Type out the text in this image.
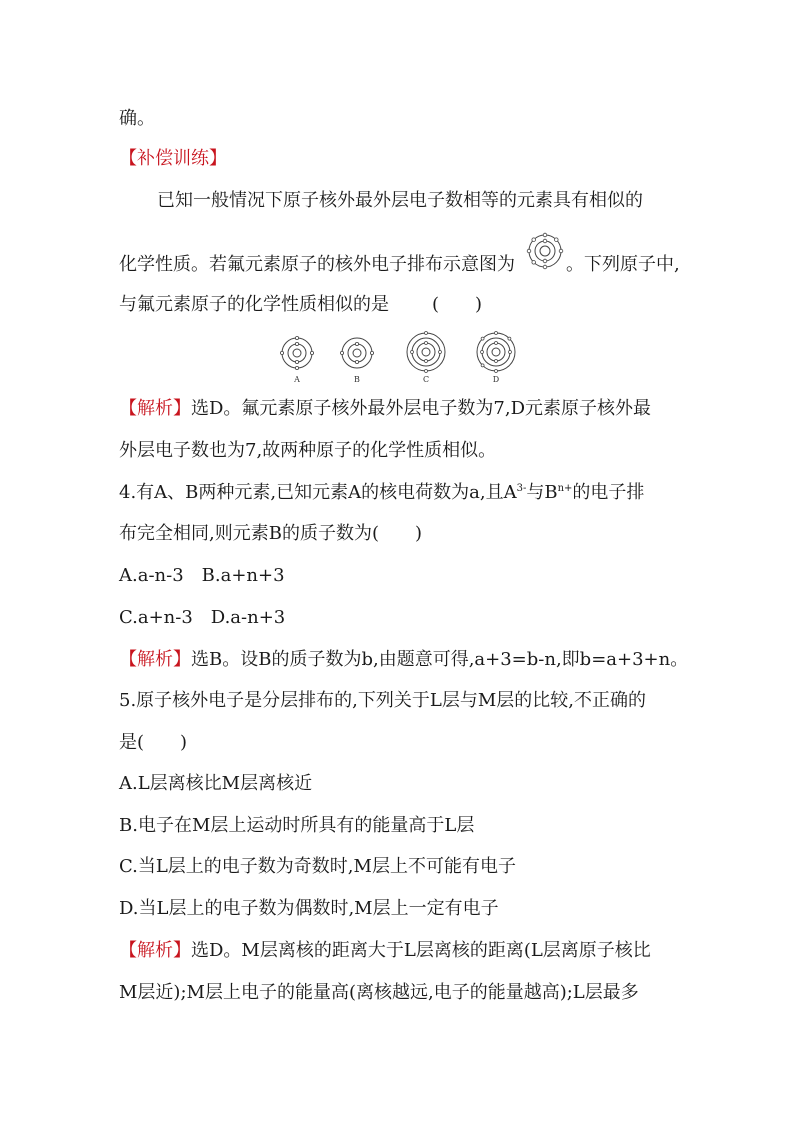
确。
【补偿训练】
已知一般情况下原子核外最外层电子数相等的元素具有相似的
化学性质。若氟元素原子的核外电子排布示意图为	。下列原子中,
与氟元素原子的化学性质相似的是 (　　)
A	B	C	D
【解析】选D。氟元素原子核外最外层电子数为7,D元素原子核外最
外层电子数也为7,故两种原子的化学性质相似。
4.有A、B两种元素,已知元素A的核电荷数为a,且$A^{3-}$与$B^{n+}$的电子排
布完全相同,则元素B的质子数为(　　)
A.a-n-3　B.a+n+3
C.a+n-3　D.a-n+3
【解析】选B。设B的质子数为b,由题意可得,a+3=b-n,即b=a+3+n。
5.原子核外电子是分层排布的,下列关于L层与M层的比较,不正确的
是(　　)
A.L层离核比M层离核近
B.电子在M层上运动时所具有的能量高于L层
C.当L层上的电子数为奇数时,M层上不可能有电子
D.当L层上的电子数为偶数时,M层上一定有电子
【解析】选D。M层离核的距离大于L层离核的距离(L层离原子核比
M层近);M层上电子的能量高(离核越远,电子的能量越高);L层最多
